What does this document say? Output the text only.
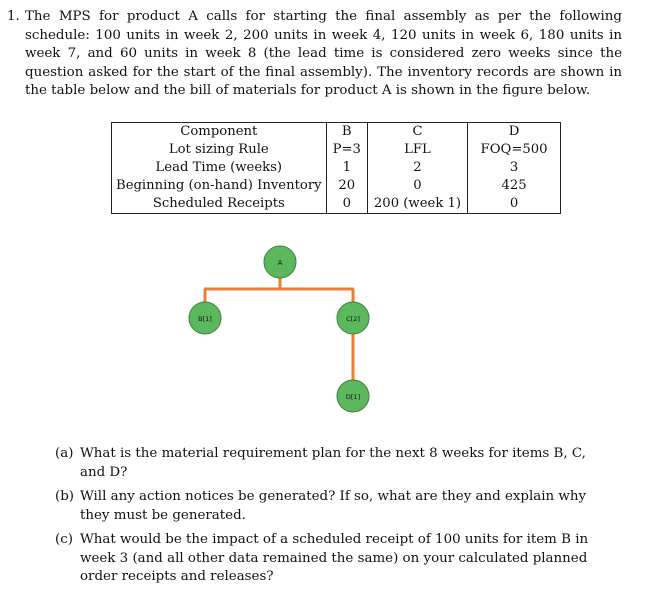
1. The MPS for product A calls for starting the final assembly as per the following schedule: 100 units in week 2, 200 units in week 4, 120 units in week 6, 180 units in week 7, and 60 units in week 8 (the lead time is considered zero weeks since the question asked for the start of the final assembly). The inventory records are shown in the table below and the bill of materials for product A is shown in the figure below.
Component	B	C	D
Lot sizing Rule	P=3	LFL	FOQ=500
Lead Time (weeks)	1	2	3
Beginning (on-hand) Inventory	20	0	425
Scheduled Receipts	0	200 (week 1)	0
A
B[1]	C[2]
D[1]
(a) What is the material requirement plan for the next 8 weeks for items B, C, and D?
(b) Will any action notices be generated? If so, what are they and explain why they must be generated.
(c) What would be the impact of a scheduled receipt of 100 units for item B in week 3 (and all other data remained the same) on your calculated planned order receipts and releases?
